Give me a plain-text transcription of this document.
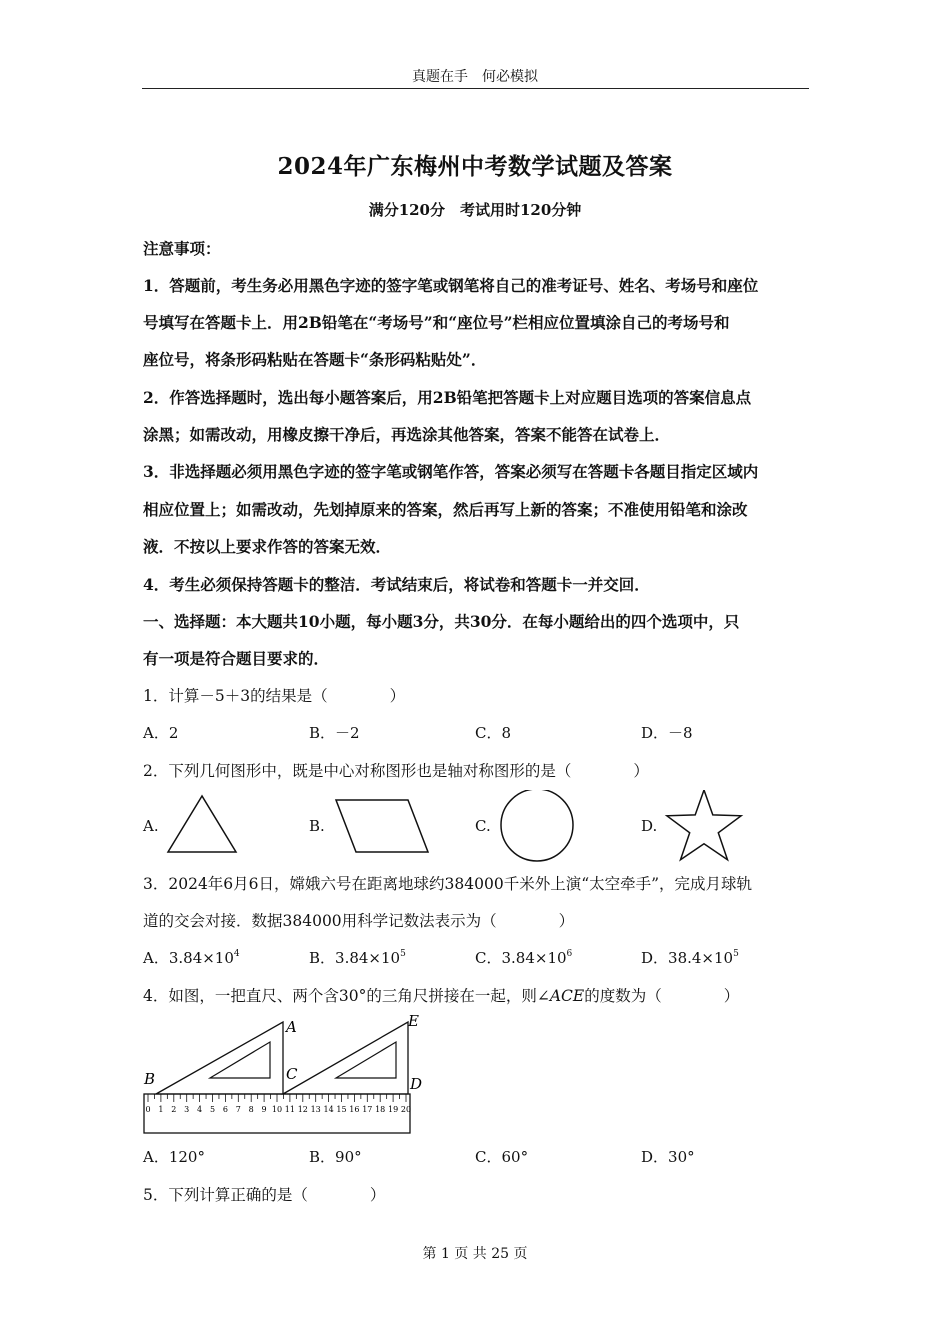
真题在手　何必模拟
2024年广东梅州中考数学试题及答案
满分120分　考试用时120分钟
注意事项：
1．答题前，考生务必用黑色字迹的签字笔或钢笔将自己的准考证号、姓名、考场号和座位
号填写在答题卡上．用2B铅笔在“考场号”和“座位号”栏相应位置填涂自己的考场号和
座位号，将条形码粘贴在答题卡“条形码粘贴处”．
2．作答选择题时，选出每小题答案后，用2B铅笔把答题卡上对应题目选项的答案信息点
涂黑；如需改动，用橡皮擦干净后，再选涂其他答案，答案不能答在试卷上．
3．非选择题必须用黑色字迹的签字笔或钢笔作答，答案必须写在答题卡各题目指定区域内
相应位置上；如需改动，先划掉原来的答案，然后再写上新的答案；不准使用铅笔和涂改
液．不按以上要求作答的答案无效．
4．考生必须保持答题卡的整洁．考试结束后，将试卷和答题卡一并交回．
一、选择题：本大题共10小题，每小题3分，共30分．在每小题给出的四个选项中，只
有一项是符合题目要求的．
1．计算－5＋3的结果是（　　　　）
A．2	B．－2	C．8	D．－8
2．下列几何图形中，既是中心对称图形也是轴对称图形的是（　　　　）
A.	B.	C.	D.
3．2024年6月6日，嫦娥六号在距离地球约384000千米外上演“太空牵手”，完成月球轨
道的交会对接．数据384000用科学记数法表示为（　　　　）
A．$3.84\times 10^4$	B．$3.84\times 10^5$	C．$3.84\times 10^6$	D．$38.4\times 10^5$
4．如图，一把直尺、两个含30°的三角尺拼接在一起，则∠ACE的度数为（　　　　）
0 1 2 3 4 5 6 7 8 9 10 11 12 13 14 15 16 17 18 19 20
A
B	C
D
E
A．120°	B．90°	C．60°	D．30°
5．下列计算正确的是（　　　　）
第 1 页 共 25 页
